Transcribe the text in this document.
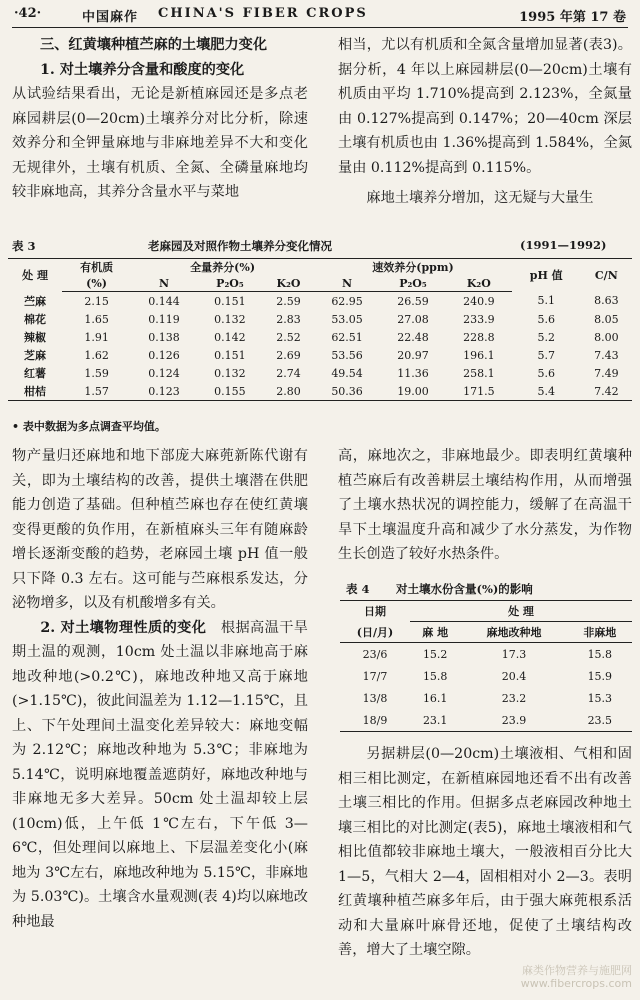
·42·	中国麻作 CHINA'S FIBER CROPS	1995 年第 17 卷

三、红黄壤种植苎麻的土壤肥力变化

1. 对土壤养分含量和酸度的变化

从试验结果看出，无论是新植麻园还是多点老麻园耕层(0—20cm)土壤养分对比分析，除速效养分和全钾量麻地与非麻地差异不大和变化无规律外，土壤有机质、全氮、全磷量麻地均较非麻地高，其养分含量水平与菜地

相当，尤以有机质和全氮含量增加显著(表3)。据分析，4 年以上麻园耕层(0—20cm)土壤有机质由平均 1.710%提高到 2.123%，全氮量由 0.127%提高到 0.147%；20—40cm 深层土壤有机质也由 1.36%提高到 1.584%，全氮量由 0.112%提高到 0.115%。

麻地土壤养分增加，这无疑与大量生

表 3	老麻园及对照作物土壤养分变化情况	(1991—1992)
处 理	有机质	全量养分(%)			速效养分(ppm)			pH 值	C/N
	(%)	N	P₂O₅	K₂O	N	P₂O₅	K₂O		
苎麻	2.15	0.144	0.151	2.59	62.95	26.59	240.9	5.1	8.63
棉花	1.65	0.119	0.132	2.83	53.05	27.08	233.9	5.6	8.05
辣椒	1.91	0.138	0.142	2.52	62.51	22.48	228.8	5.2	8.00
芝麻	1.62	0.126	0.151	2.69	53.56	20.97	196.1	5.7	7.43
红薯	1.59	0.124	0.132	2.74	49.54	11.36	258.1	5.6	7.49
柑桔	1.57	0.123	0.155	2.80	50.36	19.00	171.5	5.4	7.42
• 表中数据为多点调查平均值。

物产量归还麻地和地下部庞大麻蔸新陈代谢有关，即为土壤结构的改善，提供土壤潜在供肥能力创造了基础。但种植苎麻也存在使红黄壤变得更酸的负作用，在新植麻头三年有随麻龄增长逐渐变酸的趋势，老麻园土壤 pH 值一般只下降 0.3 左右。这可能与苎麻根系发达，分泌物增多，以及有机酸增多有关。

2. 对土壤物理性质的变化　 根据高温干旱期土温的观测，10cm 处土温以非麻地高于麻地改种地(>0.2℃)，麻地改种地又高于麻地(>1.15℃)，彼此间温差为 1.12—1.15℃，且上、下午处理间土温变化差异较大：麻地变幅为 2.12℃；麻地改种地为 5.3℃；非麻地为 5.14℃，说明麻地覆盖遮荫好，麻地改种地与非麻地无多大差异。50cm 处土温却较上层(10cm)低，上午低 1℃左右，下午低 3—6℃，但处理间以麻地上、下层温差变化小(麻地为 3℃左右，麻地改种地为 5.15℃，非麻地为 5.03℃)。土壤含水量观测(表 4)均以麻地改种地最

高，麻地次之，非麻地最少。即表明红黄壤种植苎麻后有改善耕层土壤结构作用，从而增强了土壤水热状况的调控能力，缓解了在高温干旱下土壤温度升高和减少了水分蒸发，为作物生长创造了较好水热条件。

表 4 对土壤水份含量(%)的影响
日期	处 理		
(日/月)	麻 地	麻地改种地	非麻地
23/6	15.2	17.3	15.8
17/7	15.8	20.4	15.9
13/8	16.1	23.2	15.3
18/9	23.1	23.9	23.5

另据耕层(0—20cm)土壤液相、气相和固相三相比测定，在新植麻园地还看不出有改善土壤三相比的作用。但据多点老麻园改种地土壤三相比的对比测定(表5)，麻地土壤液相和气相比值都较非麻地土壤大，一般液相百分比大 1—5，气相大 2—4，固相相对小 2—3。表明红黄壤种植苎麻多年后，由于强大麻蔸根系活动和大量麻叶麻骨还地，促使了土壤结构改善，增大了土壤空隙。

麻类作物营养与施肥网
www.fibercrops.com
